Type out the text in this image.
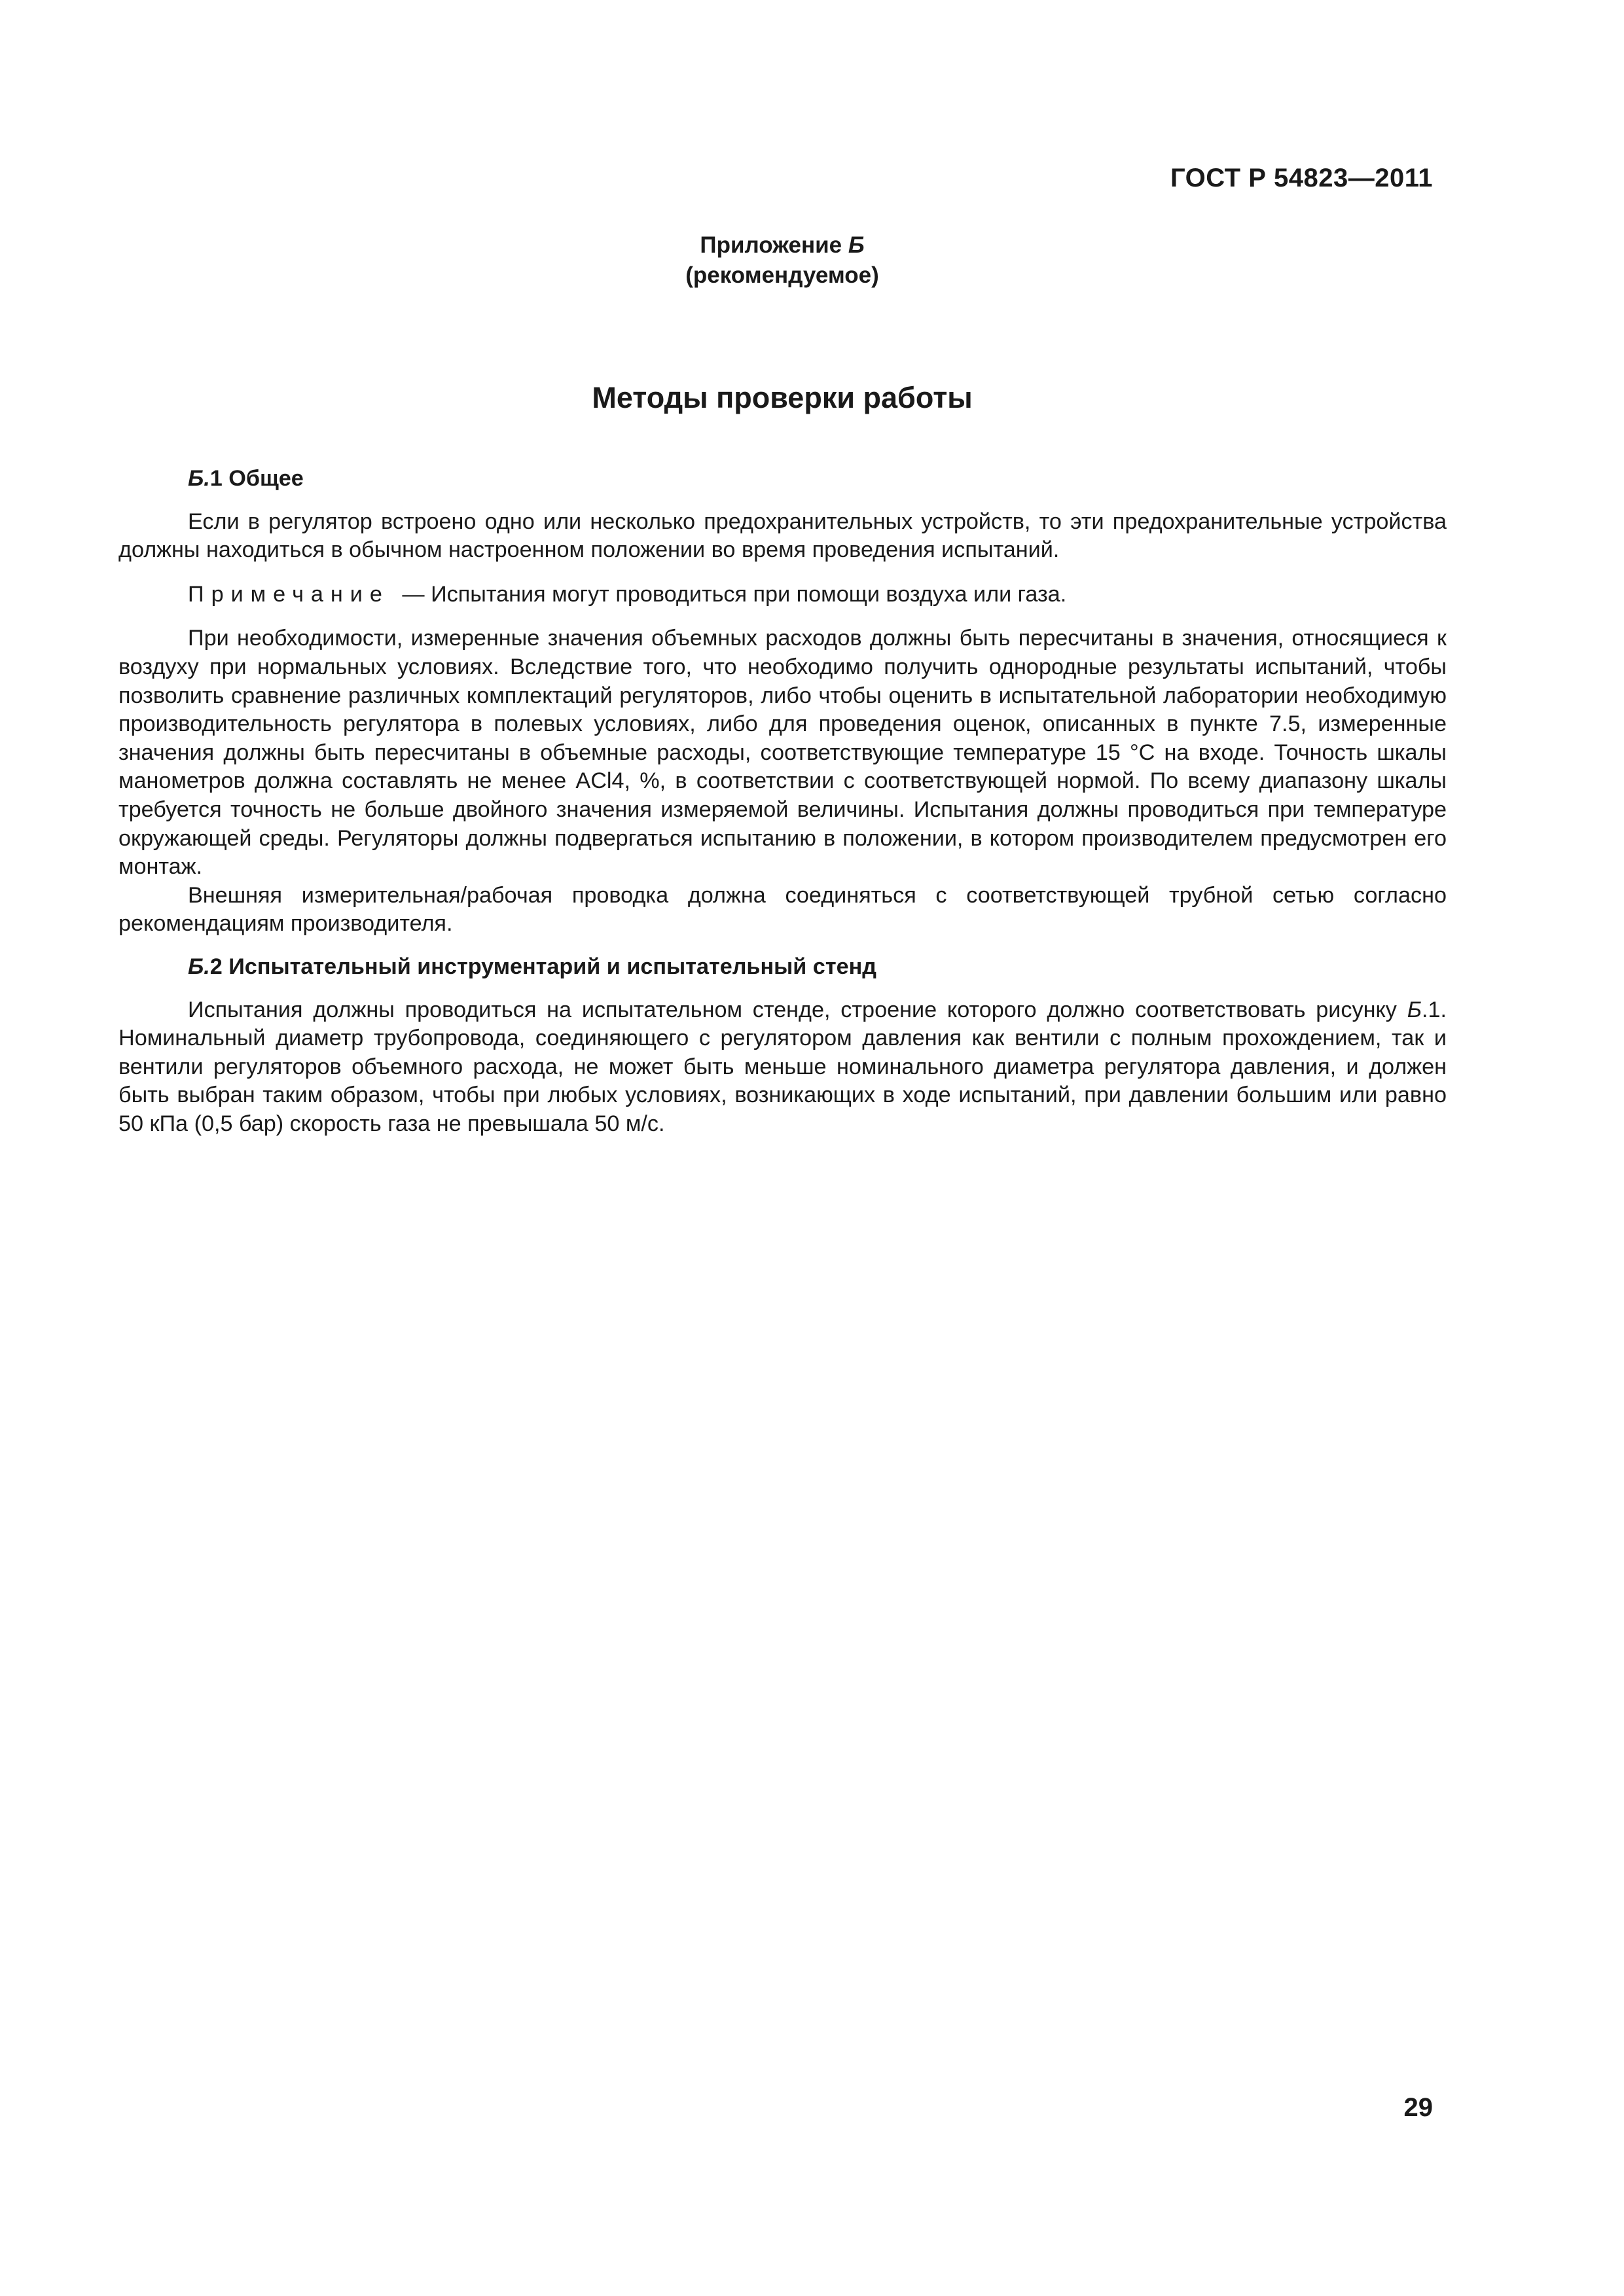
ГОСТ Р 54823—2011
Приложение Б
(рекомендуемое)
Методы проверки работы

Б.1 Общее

Если в регулятор встроено одно или несколько предохранительных устройств, то эти предохранительные устройства должны находиться в обычном настроенном положении во время проведения испытаний.

Примечание — Испытания могут проводиться при помощи воздуха или газа.

При необходимости, измеренные значения объемных расходов должны быть пересчитаны в значения, относящиеся к воздуху при нормальных условиях. Вследствие того, что необходимо получить однородные результаты испытаний, чтобы позволить сравнение различных комплектаций регуляторов, либо чтобы оценить в испытательной лаборатории необходимую производительность регулятора в полевых условиях, либо для проведения оценок, описанных в пункте 7.5, измеренные значения должны быть пересчитаны в объемные расходы, соответствующие температуре 15 °С на входе. Точность шкалы манометров должна составлять не менее ACl4, %, в соответствии с соответствующей нормой. По всему диапазону шкалы требуется точность не больше двойного значения измеряемой величины. Испытания должны проводиться при температуре окружающей среды. Регуляторы должны подвергаться испытанию в положении, в котором производителем предусмотрен его монтаж.

Внешняя измерительная/рабочая проводка должна соединяться с соответствующей трубной сетью согласно рекомендациям производителя.

Б.2 Испытательный инструментарий и испытательный стенд

Испытания должны проводиться на испытательном стенде, строение которого должно соответствовать рисунку Б.1. Номинальный диаметр трубопровода, соединяющего с регулятором давления как вентили с полным прохождением, так и вентили регуляторов объемного расхода, не может быть меньше номинального диаметра регулятора давления, и должен быть выбран таким образом, чтобы при любых условиях, возникающих в ходе испытаний, при давлении большим или равно 50 кПа (0,5 бар) скорость газа не превышала 50 м/с.

29
